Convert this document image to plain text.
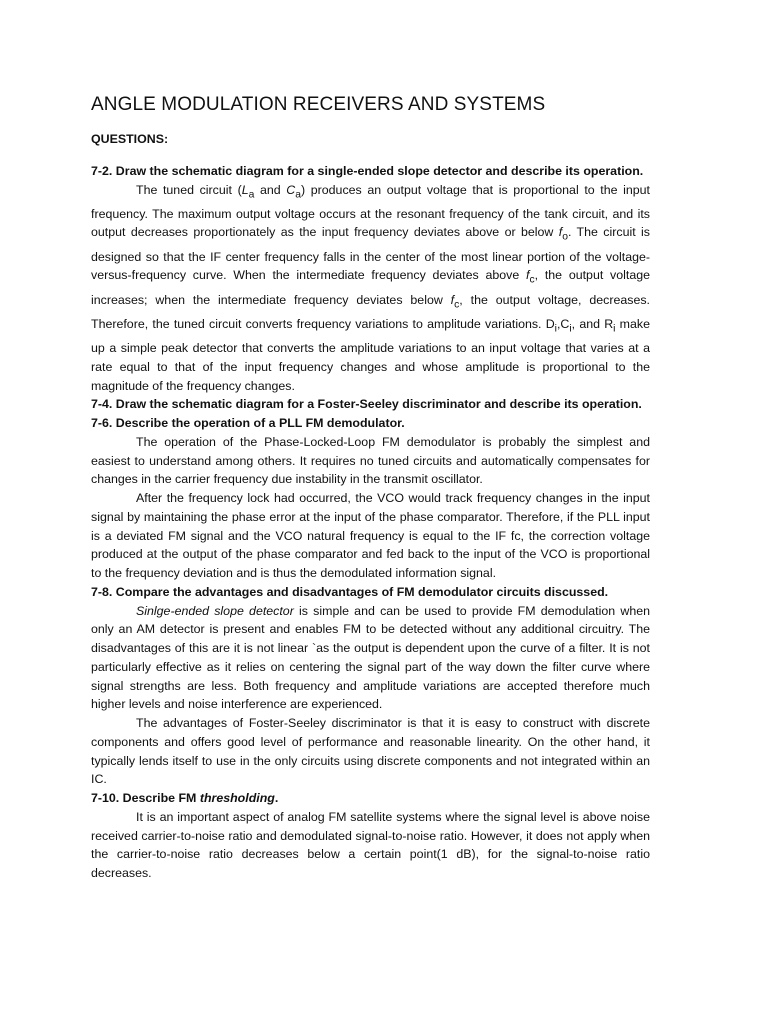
ANGLE MODULATION RECEIVERS AND SYSTEMS
QUESTIONS:
7-2. Draw the schematic diagram for a single-ended slope detector and describe its operation.

The tuned circuit ($L_a$ and $C_a$) produces an output voltage that is proportional to the input frequency. The maximum output voltage occurs at the resonant frequency of the tank circuit, and its output decreases proportionately as the input frequency deviates above or below $f_o$. The circuit is designed so that the IF center frequency falls in the center of the most linear portion of the voltage-versus-frequency curve. When the intermediate frequency deviates above $f_c$, the output voltage increases; when the intermediate frequency deviates below $f_c$, the output voltage, decreases. Therefore, the tuned circuit converts frequency variations to amplitude variations. $D_i,C_i$, and $R_i$ make up a simple peak detector that converts the amplitude variations to an input voltage that varies at a rate equal to that of the input frequency changes and whose amplitude is proportional to the magnitude of the frequency changes.

7-4. Draw the schematic diagram for a Foster-Seeley discriminator and describe its operation.
7-6. Describe the operation of a PLL FM demodulator.

The operation of the Phase-Locked-Loop FM demodulator is probably the simplest and easiest to understand among others. It requires no tuned circuits and automatically compensates for changes in the carrier frequency due instability in the transmit oscillator.

After the frequency lock had occurred, the VCO would track frequency changes in the input signal by maintaining the phase error at the input of the phase comparator. Therefore, if the PLL input is a deviated FM signal and the VCO natural frequency is equal to the IF fc, the correction voltage produced at the output of the phase comparator and fed back to the input of the VCO is proportional to the frequency deviation and is thus the demodulated information signal.

7-8. Compare the advantages and disadvantages of FM demodulator circuits discussed.

Sinlge-ended slope detector is simple and can be used to provide FM demodulation when only an AM detector is present and enables FM to be detected without any additional circuitry. The disadvantages of this are it is not linear `as the output is dependent upon the curve of a filter. It is not particularly effective as it relies on centering the signal part of the way down the filter curve where signal strengths are less. Both frequency and amplitude variations are accepted therefore much higher levels and noise interference are experienced.

The advantages of Foster-Seeley discriminator is that it is easy to construct with discrete components and offers good level of performance and reasonable linearity. On the other hand, it typically lends itself to use in the only circuits using discrete components and not integrated within an IC.

7-10. Describe FM thresholding.

It is an important aspect of analog FM satellite systems where the signal level is above noise received carrier-to-noise ratio and demodulated signal-to-noise ratio. However, it does not apply when the carrier-to-noise ratio decreases below a certain point(1 dB), for the signal-to-noise ratio decreases.
